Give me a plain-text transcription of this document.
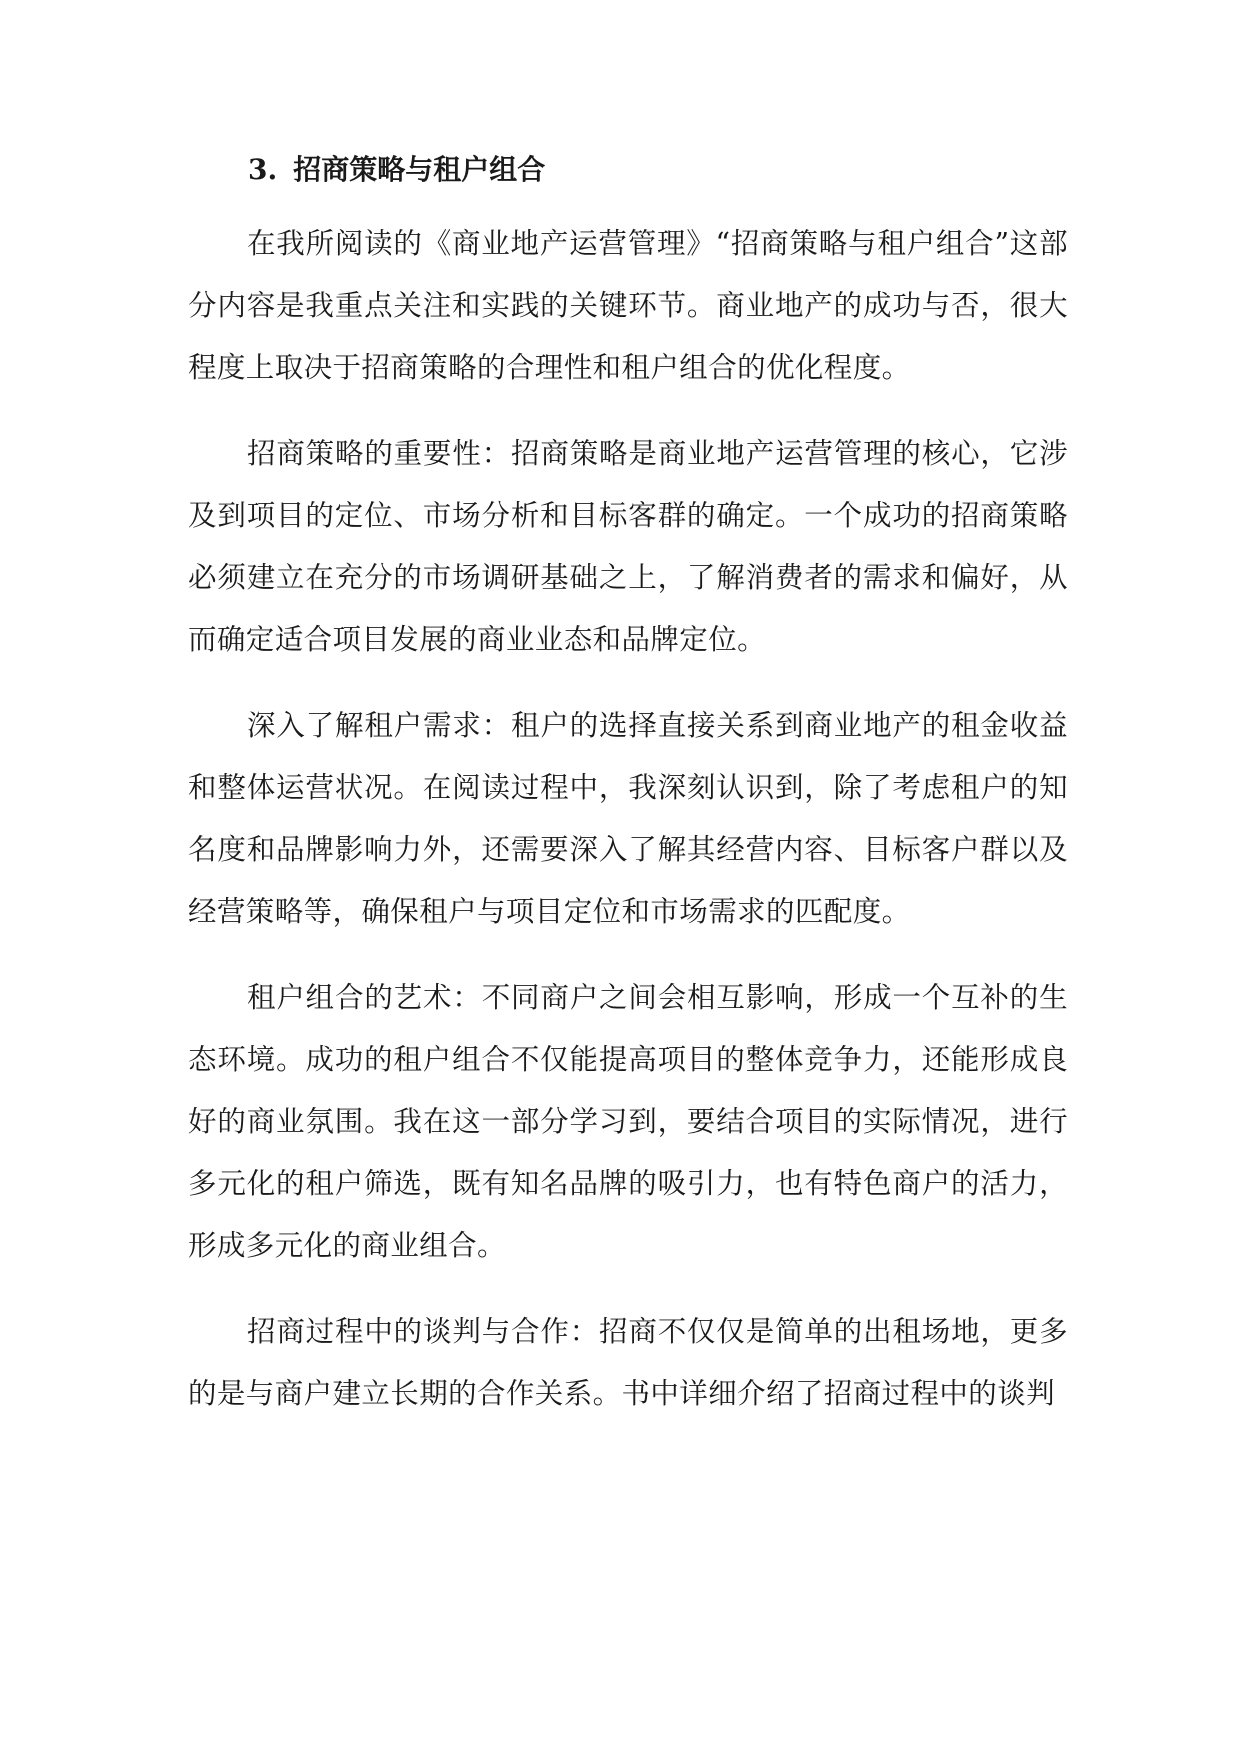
3. 招商策略与租户组合

在我所阅读的《商业地产运营管理》“招商策略与租户组合”这部分内容是我重点关注和实践的关键环节。商业地产的成功与否，很大程度上取决于招商策略的合理性和租户组合的优化程度。

招商策略的重要性：招商策略是商业地产运营管理的核心，它涉及到项目的定位、市场分析和目标客群的确定。一个成功的招商策略必须建立在充分的市场调研基础之上，了解消费者的需求和偏好，从而确定适合项目发展的商业业态和品牌定位。

深入了解租户需求：租户的选择直接关系到商业地产的租金收益和整体运营状况。在阅读过程中，我深刻认识到，除了考虑租户的知名度和品牌影响力外，还需要深入了解其经营内容、目标客户群以及经营策略等，确保租户与项目定位和市场需求的匹配度。

租户组合的艺术：不同商户之间会相互影响，形成一个互补的生态环境。成功的租户组合不仅能提高项目的整体竞争力，还能形成良好的商业氛围。我在这一部分学习到，要结合项目的实际情况，进行多元化的租户筛选，既有知名品牌的吸引力，也有特色商户的活力，形成多元化的商业组合。

招商过程中的谈判与合作：招商不仅仅是简单的出租场地，更多的是与商户建立长期的合作关系。书中详细介绍了招商过程中的谈判
